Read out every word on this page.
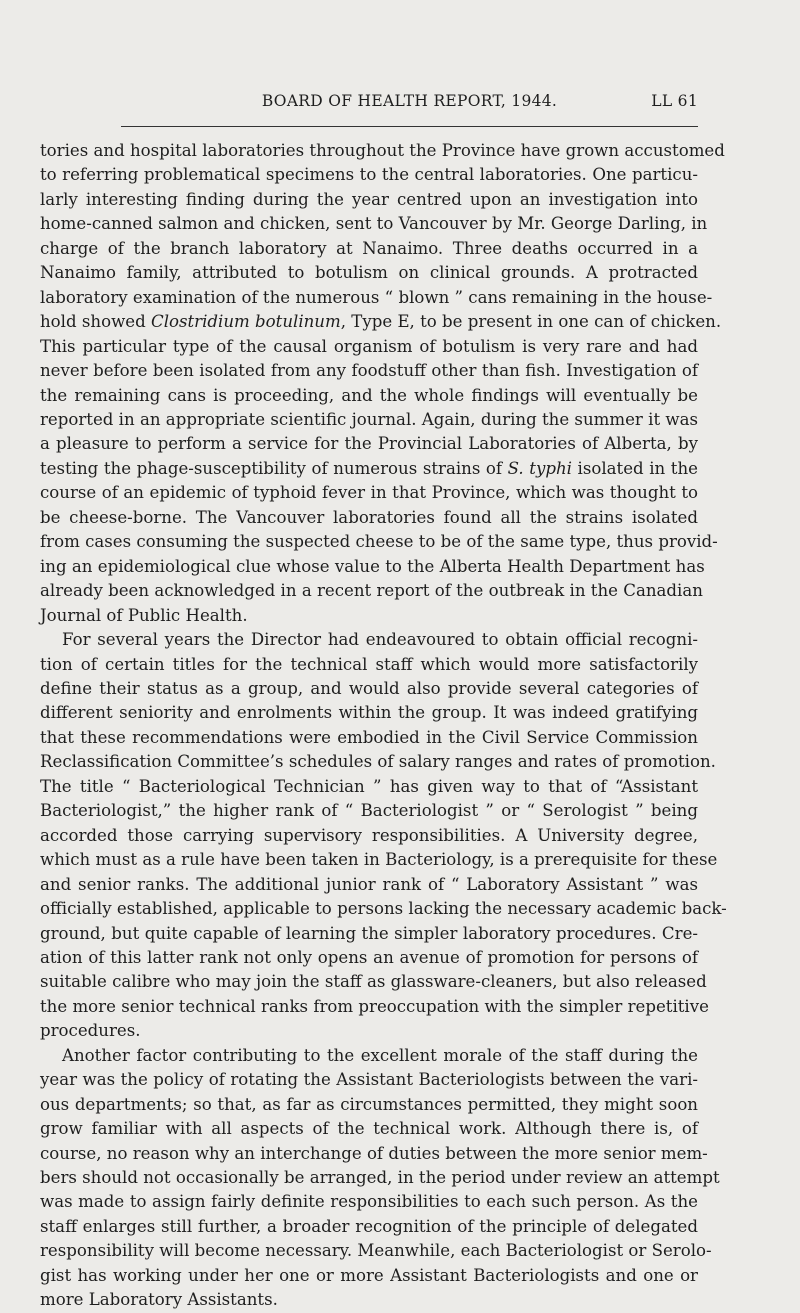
BOARD OF HEALTH REPORT, 1944.	LL 61

tories and hospital laboratories throughout the Province have grown accustomed
to referring problematical specimens to the central laboratories. One particu-
larly interesting finding during the year centred upon an investigation into
home-canned salmon and chicken, sent to Vancouver by Mr. George Darling, in
charge of the branch laboratory at Nanaimo. Three deaths occurred in a
Nanaimo family, attributed to botulism on clinical grounds. A protracted
laboratory examination of the numerous “ blown ” cans remaining in the house-
hold showed Clostridium botulinum, Type E, to be present in one can of chicken.
This particular type of the causal organism of botulism is very rare and had
never before been isolated from any foodstuff other than fish. Investigation of
the remaining cans is proceeding, and the whole findings will eventually be
reported in an appropriate scientific journal. Again, during the summer it was
a pleasure to perform a service for the Provincial Laboratories of Alberta, by
testing the phage-susceptibility of numerous strains of S. typhi isolated in the
course of an epidemic of typhoid fever in that Province, which was thought to
be cheese-borne. The Vancouver laboratories found all the strains isolated
from cases consuming the suspected cheese to be of the same type, thus provid-
ing an epidemiological clue whose value to the Alberta Health Department has
already been acknowledged in a recent report of the outbreak in the Canadian
Journal of Public Health.

For several years the Director had endeavoured to obtain official recogni-
tion of certain titles for the technical staff which would more satisfactorily
define their status as a group, and would also provide several categories of
different seniority and enrolments within the group. It was indeed gratifying
that these recommendations were embodied in the Civil Service Commission
Reclassification Committee’s schedules of salary ranges and rates of promotion.
The title “ Bacteriological Technician ” has given way to that of “Assistant
Bacteriologist,” the higher rank of “ Bacteriologist ” or “ Serologist ” being
accorded those carrying supervisory responsibilities. A University degree,
which must as a rule have been taken in Bacteriology, is a prerequisite for these
and senior ranks. The additional junior rank of “ Laboratory Assistant ” was
officially established, applicable to persons lacking the necessary academic back-
ground, but quite capable of learning the simpler laboratory procedures. Cre-
ation of this latter rank not only opens an avenue of promotion for persons of
suitable calibre who may join the staff as glassware-cleaners, but also released
the more senior technical ranks from preoccupation with the simpler repetitive
procedures.

Another factor contributing to the excellent morale of the staff during the
year was the policy of rotating the Assistant Bacteriologists between the vari-
ous departments; so that, as far as circumstances permitted, they might soon
grow familiar with all aspects of the technical work. Although there is, of
course, no reason why an interchange of duties between the more senior mem-
bers should not occasionally be arranged, in the period under review an attempt
was made to assign fairly definite responsibilities to each such person. As the
staff enlarges still further, a broader recognition of the principle of delegated
responsibility will become necessary. Meanwhile, each Bacteriologist or Serolo-
gist has working under her one or more Assistant Bacteriologists and one or
more Laboratory Assistants.
